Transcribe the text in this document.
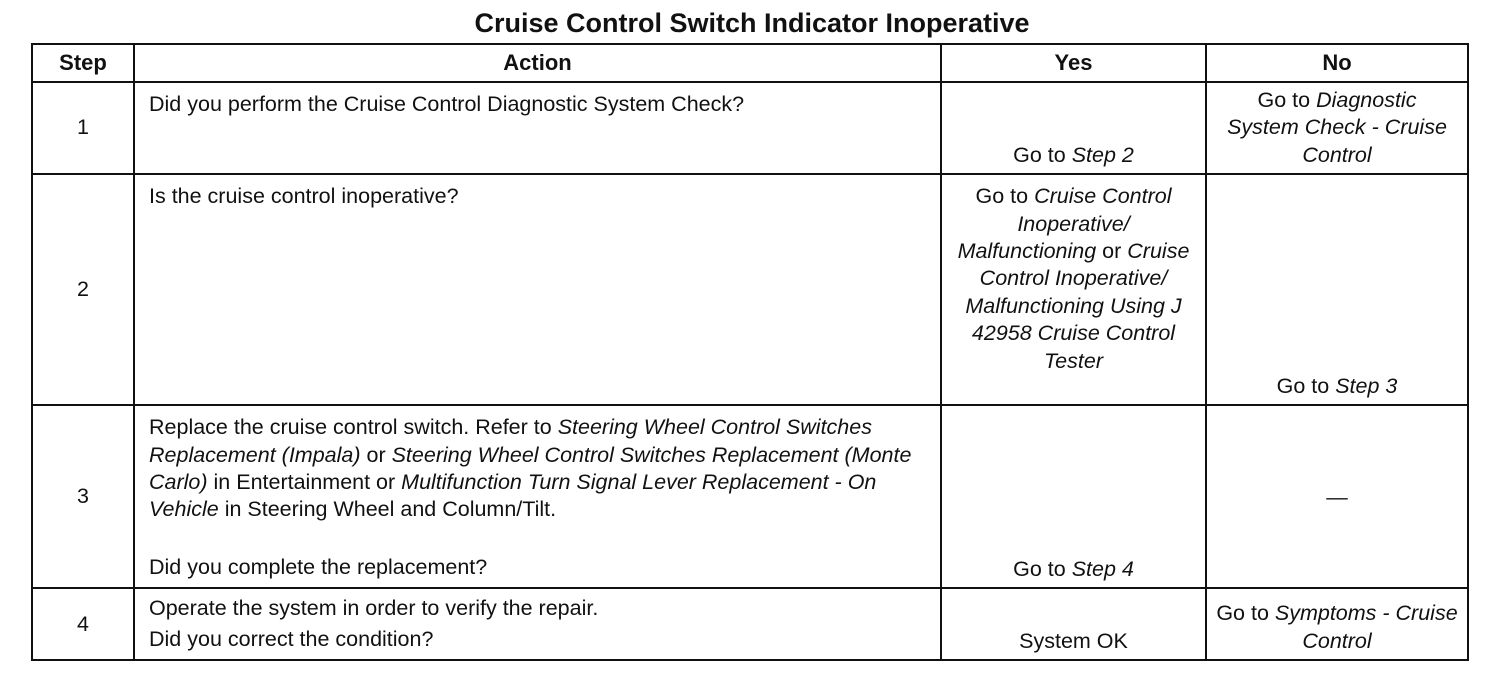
Cruise Control Switch Indicator Inoperative
Step	Action	Yes	No
1	Did you perform the Cruise Control Diagnostic System Check?	Go to Step 2	Go to Diagnostic System Check - Cruise Control
2	Is the cruise control inoperative?	Go to Cruise Control Inoperative/ Malfunctioning or Cruise Control Inoperative/ Malfunctioning Using J 42958 Cruise Control Tester	Go to Step 3
3	Replace the cruise control switch. Refer to Steering Wheel Control Switches Replacement (Impala) or Steering Wheel Control Switches Replacement (Monte Carlo) in Entertainment or Multifunction Turn Signal Lever Replacement - On Vehicle in Steering Wheel and Column/Tilt.
Did you complete the replacement?	Go to Step 4	—
4	Operate the system in order to verify the repair.
Did you correct the condition?	System OK	Go to Symptoms - Cruise Control
